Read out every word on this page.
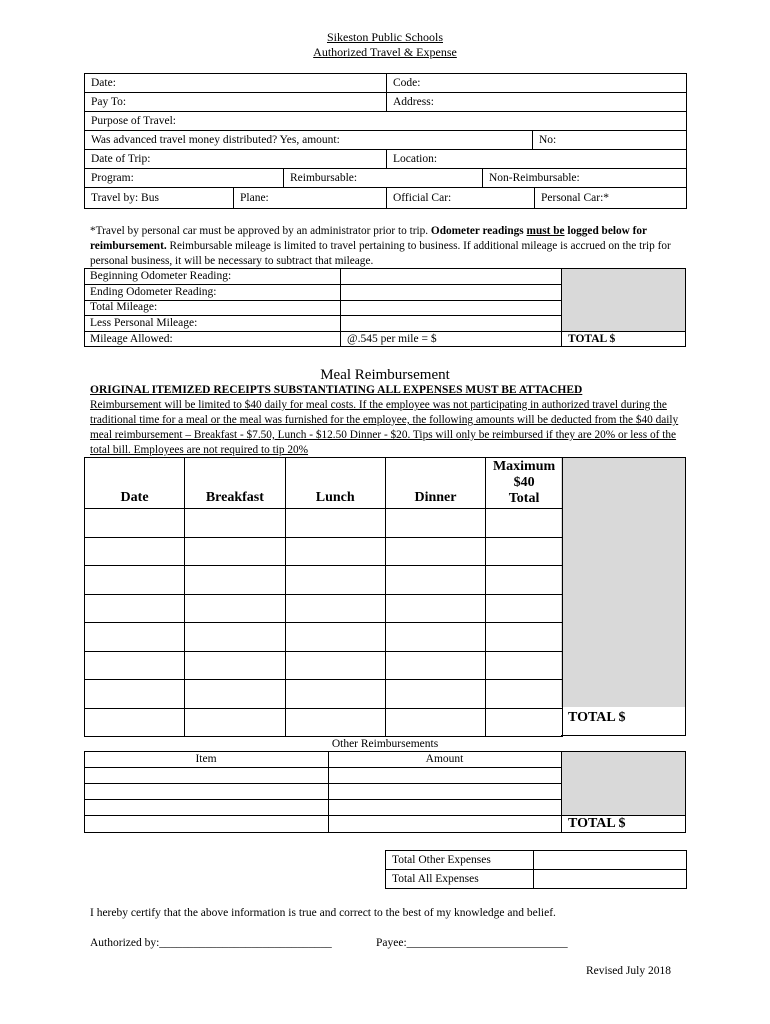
Sikeston Public Schools
Authorized Travel & Expense
Date:	Code:
Pay To:	Address:
Purpose of Travel:
Was advanced travel money distributed? Yes, amount:	No:
Date of Trip:	Location:
Program:	Reimbursable:	Non-Reimbursable:
Travel by: Bus	Plane:	Official Car:	Personal Car:*
*Travel by personal car must be approved by an administrator prior to trip. Odometer readings must be logged below for reimbursement. Reimbursable mileage is limited to travel pertaining to business. If additional mileage is accrued on the trip for personal business, it will be necessary to subtract that mileage.
Beginning Odometer Reading:
Ending Odometer Reading:
Total Mileage:
Less Personal Mileage:
Mileage Allowed:	@.545 per mile = $	TOTAL $
Meal Reimbursement
ORIGINAL ITEMIZED RECEIPTS SUBSTANTIATING ALL EXPENSES MUST BE ATTACHED
Reimbursement will be limited to $40 daily for meal costs. If the employee was not participating in authorized travel during the traditional time for a meal or the meal was furnished for the employee, the following amounts will be deducted from the $40 daily meal reimbursement – Breakfast - $7.50, Lunch - $12.50 Dinner - $20. Tips will only be reimbursed if they are 20% or less of the total bill. Employees are not required to tip 20%
Date	Breakfast	Lunch	Dinner	Maximum
$40
Total

TOTAL $
Other Reimbursements
Item	Amount
TOTAL $
Total Other Expenses
Total All Expenses
I hereby certify that the above information is true and correct to the best of my knowledge and belief.
Authorized by:______________________________	Payee:____________________________
Revised July 2018
